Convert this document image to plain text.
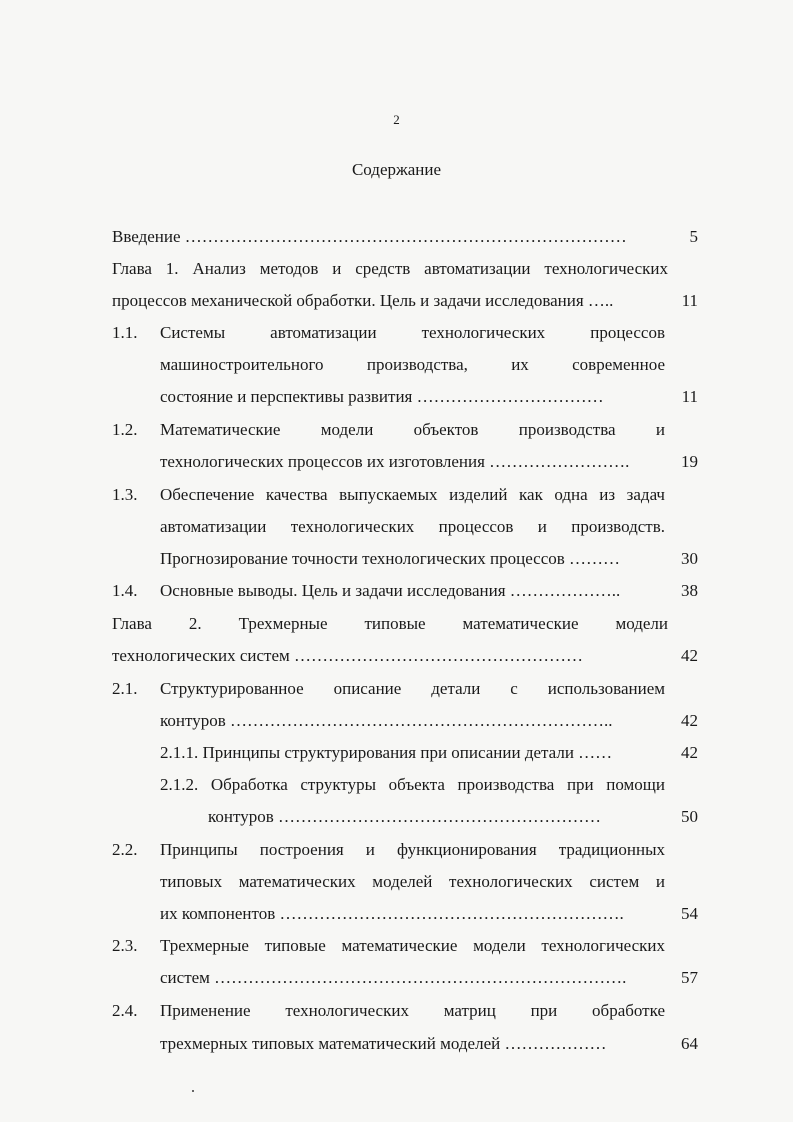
2
Содержание
Введение ……………………………………………………………………	5
Глава 1. Анализ методов и средств автоматизации технологических
процессов механической обработки. Цель и задачи исследования …..	11
1.1. Системы автоматизации технологических процессов
машиностроительного производства, их современное
состояние и перспективы развития ……………………………	11
1.2. Математические модели объектов производства и
технологических процессов их изготовления …………………….	19
1.3. Обеспечение качества выпускаемых изделий как одна из задач
автоматизации технологических процессов и производств.
Прогнозирование точности технологических процессов ………	30
1.4. Основные выводы. Цель и задачи исследования ………………..	38
Глава 2. Трехмерные типовые математические модели
технологических систем ……………………………………………	42
2.1. Структурированное описание детали с использованием
контуров …………………………………………………………..	42
2.1.1. Принципы структурирования при описании детали ……	42
2.1.2. Обработка структуры объекта производства при помощи
контуров …………………………………………………	50
2.2. Принципы построения и функционирования традиционных
типовых математических моделей технологических систем и
их компонентов …………………………………………………….	54
2.3. Трехмерные типовые математические модели технологических
систем ……………………………………………………………….	57
2.4. Применение технологических матриц при обработке
трехмерных типовых математический моделей ………………	64
